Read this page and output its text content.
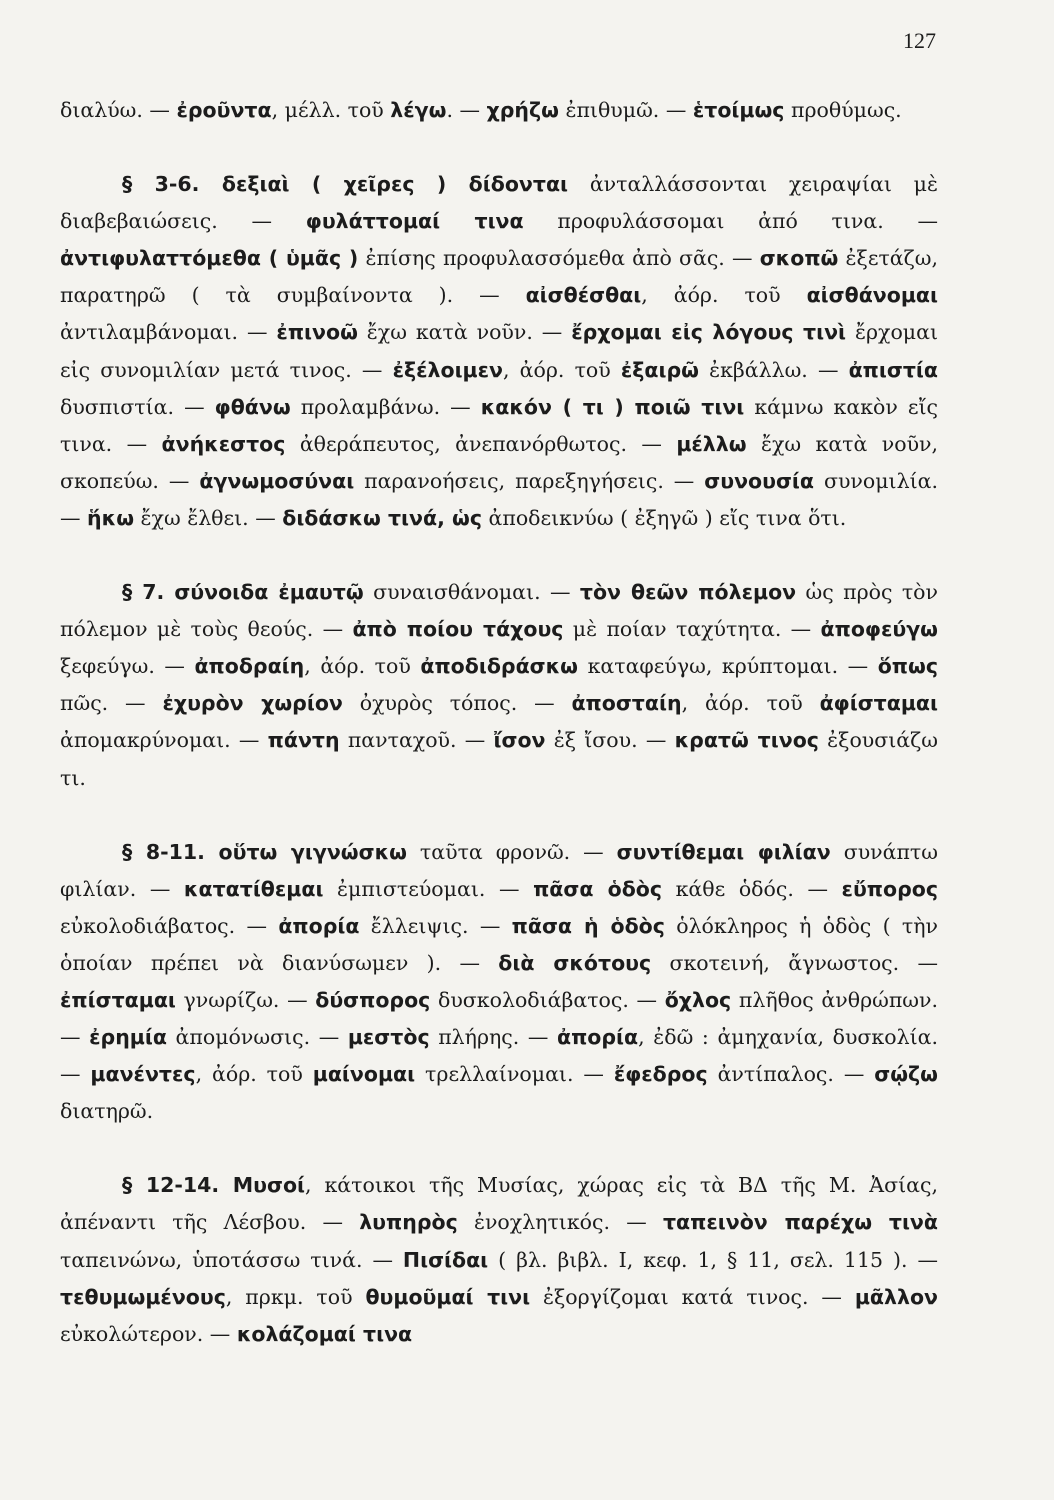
127

διαλύω. — ἐροῦντα, μέλλ. τοῦ λέγω. — χρήζω ἐπιθυμῶ. — ἑτοίμως προθύμως.

§ 3-6. δεξιαὶ ( χεῖρες ) δίδονται ἀνταλλάσσονται χειραψίαι μὲ διαβεβαιώσεις. — φυλάττομαί τινα προφυλάσσομαι ἀπό τινα. — ἀντιφυλαττόμεθα ( ὑμᾶς ) ἐπίσης προφυλασσόμεθα ἀπὸ σᾶς. — σκοπῶ ἐξετάζω, παρατηρῶ ( τὰ συμβαίνοντα ). — αἰσθέσθαι, ἀόρ. τοῦ αἰσθάνομαι ἀντιλαμβάνομαι. — ἐπινοῶ ἔχω κατὰ νοῦν. — ἔρχομαι εἰς λόγους τινὶ ἔρχομαι εἰς συνομιλίαν μετά τινος. — ἐξέλοιμεν, ἀόρ. τοῦ ἐξαιρῶ ἐκβάλλω. — ἀπιστία δυσπιστία. — φθάνω προλαμβάνω. — κακόν ( τι ) ποιῶ τινι κάμνω κακὸν εἴς τινα. — ἀνήκεστος ἀθεράπευτος, ἀνεπανόρθωτος. — μέλλω ἔχω κατὰ νοῦν, σκοπεύω. — ἀγνωμοσύναι παρανοήσεις, παρεξηγήσεις. — συνουσία συνομιλία. — ἥκω ἔχω ἔλθει. — διδάσκω τινά, ὡς ἀποδεικνύω ( ἐξηγῶ ) εἴς τινα ὅτι.

§ 7. σύνοιδα ἐμαυτῷ συναισθάνομαι. — τὸν θεῶν πόλεμον ὡς πρὸς τὸν πόλεμον μὲ τοὺς θεούς. — ἀπὸ ποίου τάχους μὲ ποίαν ταχύτητα. — ἀποφεύγω ξεφεύγω. — ἀποδραίη, ἀόρ. τοῦ ἀποδιδράσκω καταφεύγω, κρύπτομαι. — ὅπως πῶς. — ἐχυρὸν χωρίον ὀχυρὸς τόπος. — ἀποσταίη, ἀόρ. τοῦ ἀφίσταμαι ἀπομακρύνομαι. — πάντη πανταχοῦ. — ἴσον ἐξ ἴσου. — κρατῶ τινος ἐξουσιάζω τι.

§ 8-11. οὕτω γιγνώσκω ταῦτα φρονῶ. — συντίθεμαι φιλίαν συνάπτω φιλίαν. — κατατίθεμαι ἐμπιστεύομαι. — πᾶσα ὁδὸς κάθε ὁδός. — εὔπορος εὐκολοδιάβατος. — ἀπορία ἔλλειψις. — πᾶσα ἡ ὁδὸς ὁλόκληρος ἡ ὁδὸς ( τὴν ὁποίαν πρέπει νὰ διανύσωμεν ). — διὰ σκότους σκοτεινή, ἄγνωστος. — ἐπίσταμαι γνωρίζω. — δύσπορος δυσκολοδιάβατος. — ὄχλος πλῆθος ἀνθρώπων. — ἐρημία ἀπομόνωσις. — μεστὸς πλήρης. — ἀπορία, ἐδῶ : ἀμηχανία, δυσκολία. — μανέντες, ἀόρ. τοῦ μαίνομαι τρελλαίνομαι. — ἔφεδρος ἀντίπαλος. — σῴζω διατηρῶ.

§ 12-14. Μυσοί, κάτοικοι τῆς Μυσίας, χώρας εἰς τὰ ΒΔ τῆς Μ. Ἀσίας, ἀπέναντι τῆς Λέσβου. — λυπηρὸς ἐνοχλητικός. — ταπεινὸν παρέχω τινὰ ταπεινώνω, ὑποτάσσω τινά. — Πισίδαι ( βλ. βιβλ. Ι, κεφ. 1, § 11, σελ. 115 ). — τεθυμωμένους, πρκμ. τοῦ θυμοῦμαί τινι ἐξοργίζομαι κατά τινος. — μᾶλλον εὐκολώτερον. — κολάζομαί τινα
